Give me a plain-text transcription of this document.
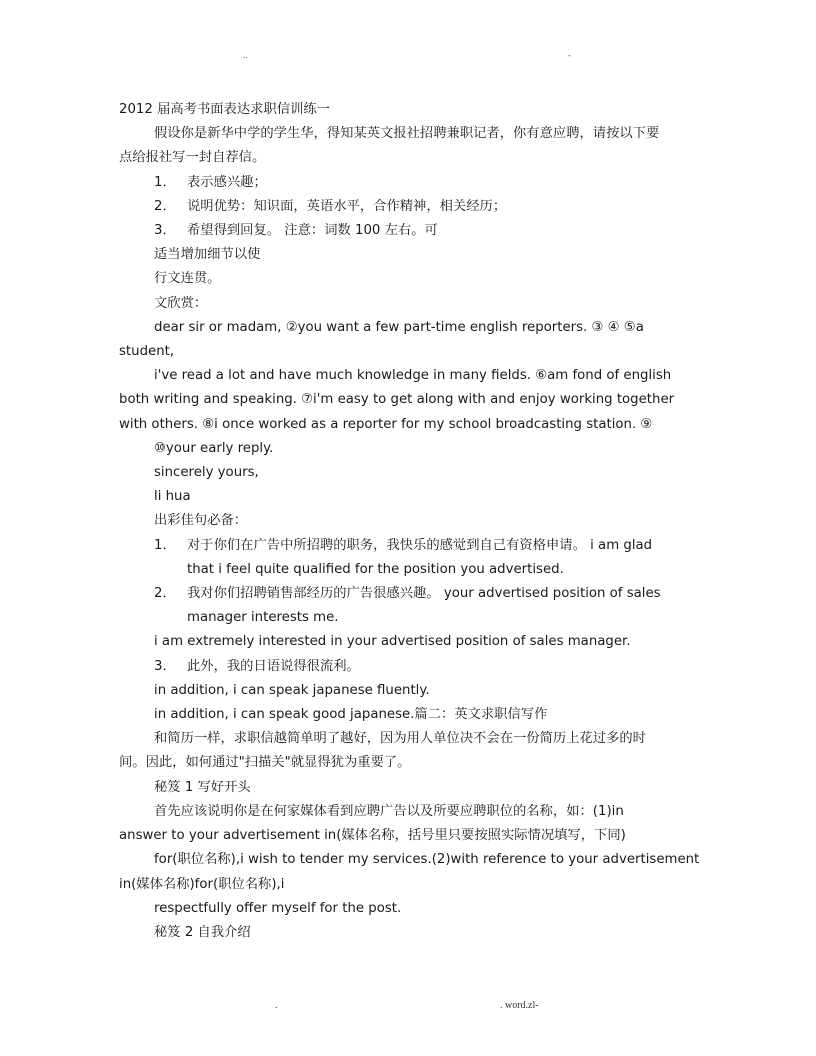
..	-

2012 届高考书面表达求职信训练一

假设你是新华中学的学生华，得知某英文报社招聘兼职记者，你有意应聘，请按以下要

点给报社写一封自荐信。

1． 表示感兴趣；

2． 说明优势：知识面，英语水平，合作精神，相关经历；

3． 希望得到回复。 注意：词数 100 左右。可

适当增加细节以使

行文连贯。

文欣赏：

dear sir or madam, ②you want a few part-time english reporters. ③ ④ ⑤a

student,

i've read a lot and have much knowledge in many fields. ⑥am fond of english

both writing and speaking. ⑦i'm easy to get along with and enjoy working together

with others. ⑧i once worked as a reporter for my school broadcasting station. ⑨

⑩your early reply.

sincerely yours,

li hua

出彩佳句必备：

1． 对于你们在广告中所招聘的职务，我快乐的感觉到自己有资格申请。 i am glad

that i feel quite qualified for the position you advertised.

2． 我对你们招聘销售部经历的广告很感兴趣。 your advertised position of sales

manager interests me.

i am extremely interested in your advertised position of sales manager.

3． 此外，我的日语说得很流利。

in addition, i can speak japanese fluently.

in addition, i can speak good japanese.篇二：英文求职信写作

和简历一样，求职信越简单明了越好，因为用人单位决不会在一份简历上花过多的时

间。因此，如何通过"扫描关"就显得犹为重要了。

秘笈 1 写好开头

首先应该说明你是在何家媒体看到应聘广告以及所要应聘职位的名称，如：(1)in

answer to your advertisement in(媒体名称，括号里只要按照实际情况填写，下同)

for(职位名称),i wish to tender my services.(2)with reference to your advertisement

in(媒体名称)for(职位名称),i

respectfully offer myself for the post.

秘笈 2 自我介绍

.	. word.zl-
